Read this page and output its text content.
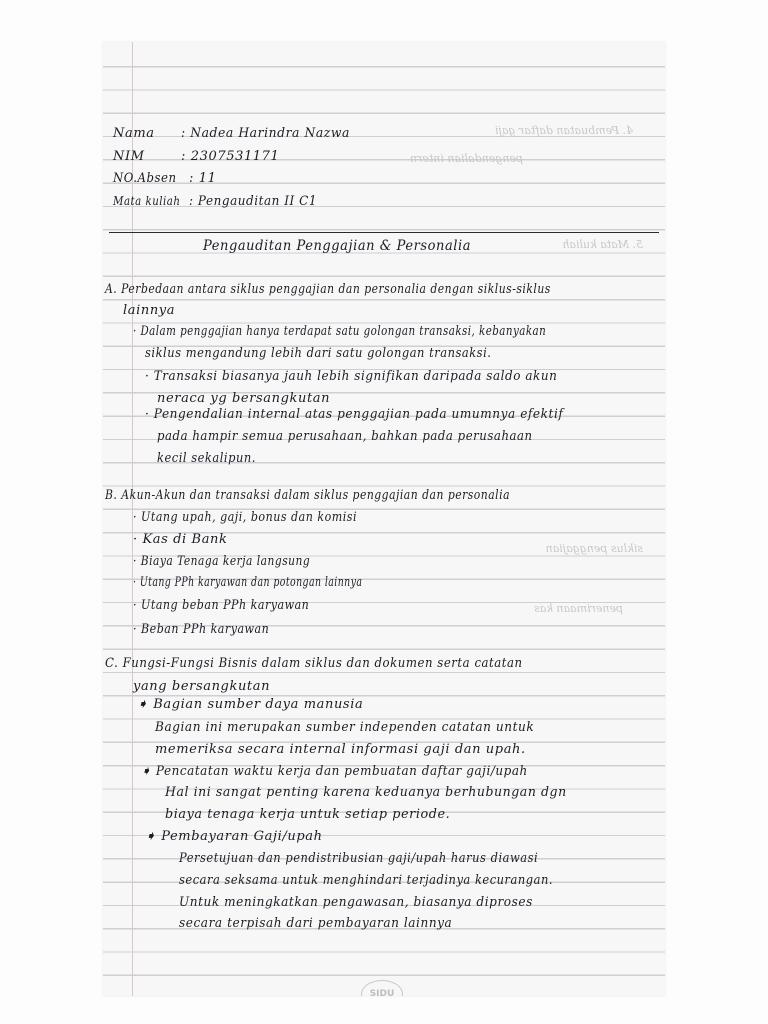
4. Pembuatan daftar gaji
pengendalian intern
5. Mata kuliah
siklus penggajian
penerimaan kas
Nama : Nadea Harindra Nazwa
NIM	: 2307531171
NO.Absen : 11
Mata kuliah : Pengauditan II C1
Pengauditan Penggajian & Personalia
A. Perbedaan antara siklus penggajian dan personalia dengan siklus-siklus
lainnya
· Dalam penggajian hanya terdapat satu golongan transaksi, kebanyakan
siklus mengandung lebih dari satu golongan transaksi.
· Transaksi biasanya jauh lebih signifikan daripada saldo akun
neraca yg bersangkutan
· Pengendalian internal atas penggajian pada umumnya efektif
pada hampir semua perusahaan, bahkan pada perusahaan
kecil sekalipun.
B. Akun-Akun dan transaksi dalam siklus penggajian dan personalia
· Utang upah, gaji, bonus dan komisi
· Kas di Bank
· Biaya Tenaga kerja langsung
· Utang PPh karyawan dan potongan lainnya
· Utang beban PPh karyawan
· Beban PPh karyawan
C. Fungsi-Fungsi Bisnis dalam siklus dan dokumen serta catatan
yang bersangkutan
➧ Bagian sumber daya manusia
Bagian ini merupakan sumber independen catatan untuk
memeriksa secara internal informasi gaji dan upah.
➧ Pencatatan waktu kerja dan pembuatan daftar gaji/upah
Hal ini sangat penting karena keduanya berhubungan dgn
biaya tenaga kerja untuk setiap periode.
➧ Pembayaran Gaji/upah
Persetujuan dan pendistribusian gaji/upah harus diawasi
secara seksama untuk menghindari terjadinya kecurangan.
Untuk meningkatkan pengawasan, biasanya diproses
secara terpisah dari pembayaran lainnya
SIDU
